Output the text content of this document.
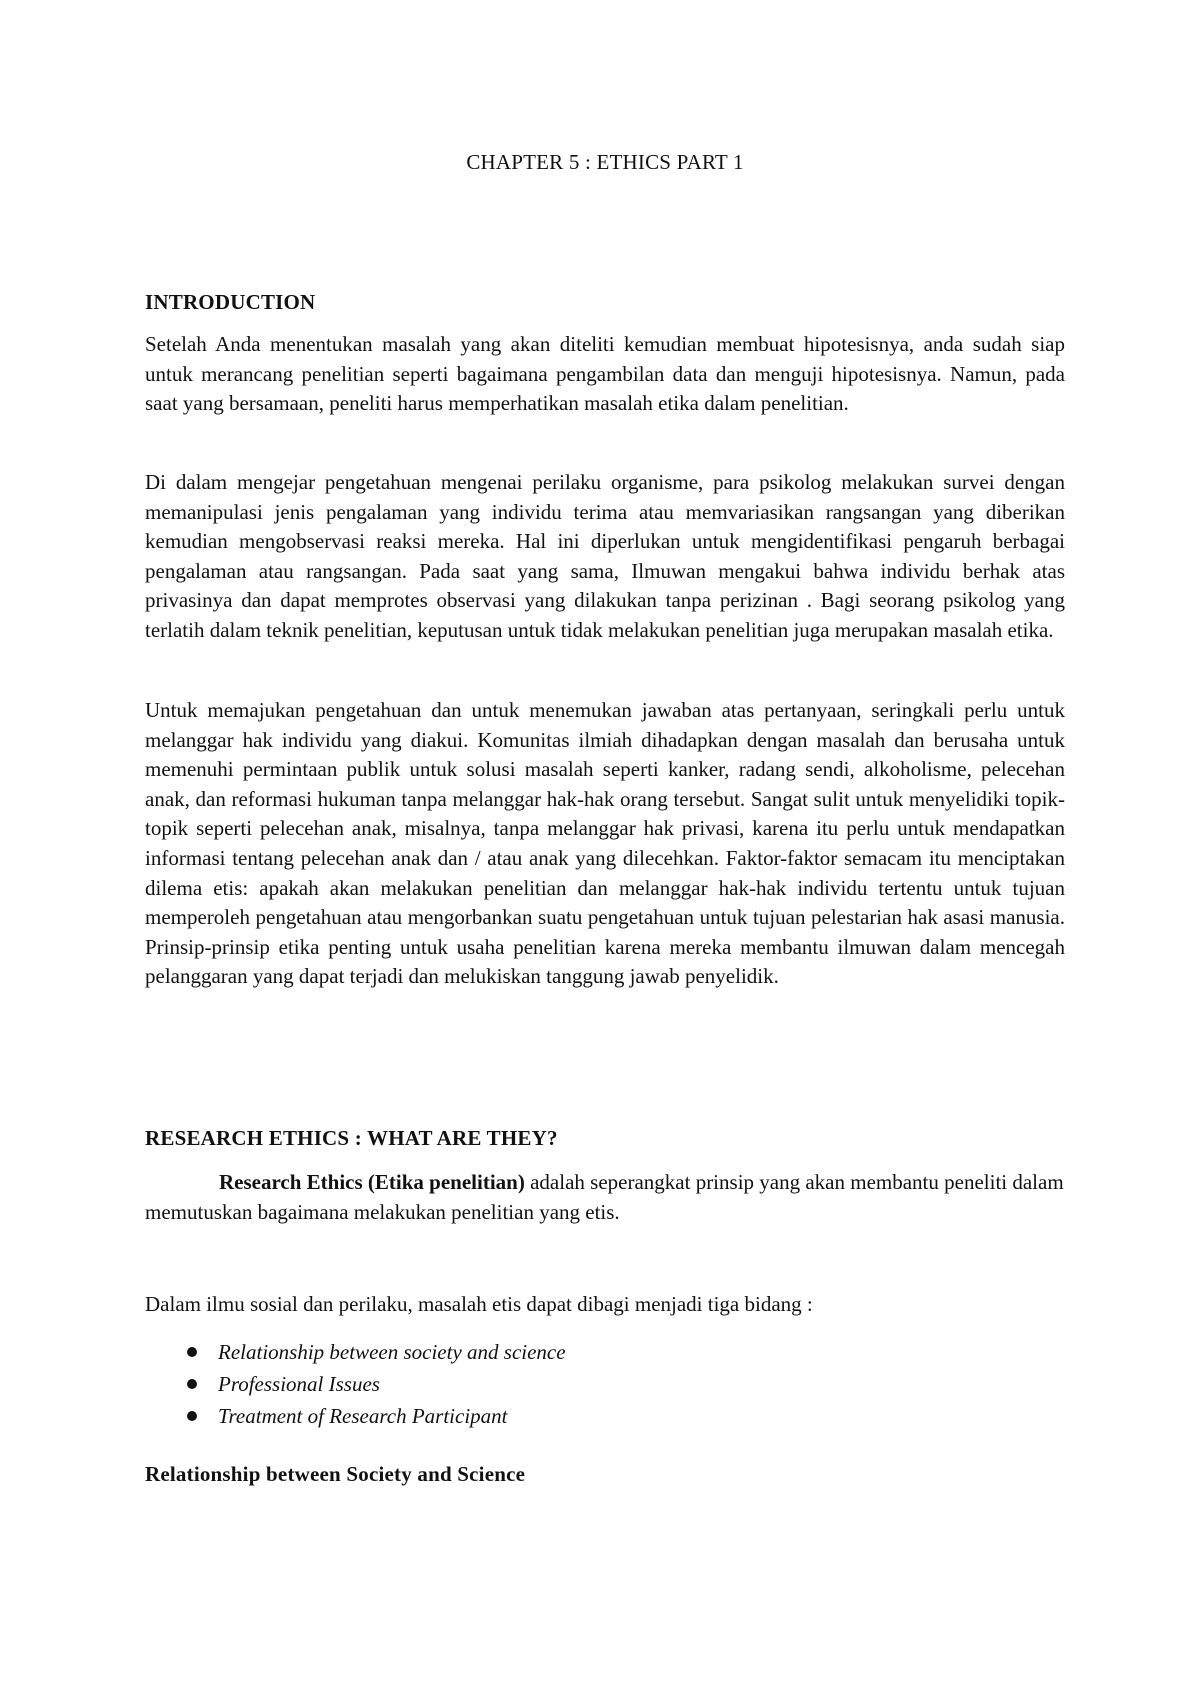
CHAPTER 5 : ETHICS PART 1
INTRODUCTION

Setelah Anda menentukan masalah yang akan diteliti kemudian membuat hipotesisnya, anda sudah siap untuk merancang penelitian seperti bagaimana pengambilan data dan menguji hipotesisnya. Namun, pada saat yang bersamaan, peneliti harus memperhatikan masalah etika dalam penelitian.

Di dalam mengejar pengetahuan mengenai perilaku organisme, para psikolog melakukan survei dengan memanipulasi jenis pengalaman yang individu terima atau memvariasikan rangsangan yang diberikan kemudian mengobservasi reaksi mereka. Hal ini diperlukan untuk mengidentifikasi pengaruh berbagai pengalaman atau rangsangan. Pada saat yang sama, Ilmuwan mengakui bahwa individu berhak atas privasinya dan dapat memprotes observasi yang dilakukan tanpa perizinan . Bagi seorang psikolog yang terlatih dalam teknik penelitian, keputusan untuk tidak melakukan penelitian juga merupakan masalah etika.

Untuk memajukan pengetahuan dan untuk menemukan jawaban atas pertanyaan, seringkali perlu untuk melanggar hak individu yang diakui. Komunitas ilmiah dihadapkan dengan masalah dan berusaha untuk memenuhi permintaan publik untuk solusi masalah seperti kanker, radang sendi, alkoholisme, pelecehan anak, dan reformasi hukuman tanpa melanggar hak-hak orang tersebut. Sangat sulit untuk menyelidiki topik-topik seperti pelecehan anak, misalnya, tanpa melanggar hak privasi, karena itu perlu untuk mendapatkan informasi tentang pelecehan anak dan / atau anak yang dilecehkan. Faktor-faktor semacam itu menciptakan dilema etis: apakah akan melakukan penelitian dan melanggar hak-hak individu tertentu untuk tujuan memperoleh pengetahuan atau mengorbankan suatu pengetahuan untuk tujuan pelestarian hak asasi manusia. Prinsip-prinsip etika penting untuk usaha penelitian karena mereka membantu ilmuwan dalam mencegah pelanggaran yang dapat terjadi dan melukiskan tanggung jawab penyelidik.

RESEARCH ETHICS : WHAT ARE THEY?

Research Ethics (Etika penelitian) adalah seperangkat prinsip yang akan membantu peneliti dalam memutuskan bagaimana melakukan penelitian yang etis.

Dalam ilmu sosial dan perilaku, masalah etis dapat dibagi menjadi tiga bidang :

Relationship between society and science
Professional Issues
Treatment of Research Participant
Relationship between Society and Science
